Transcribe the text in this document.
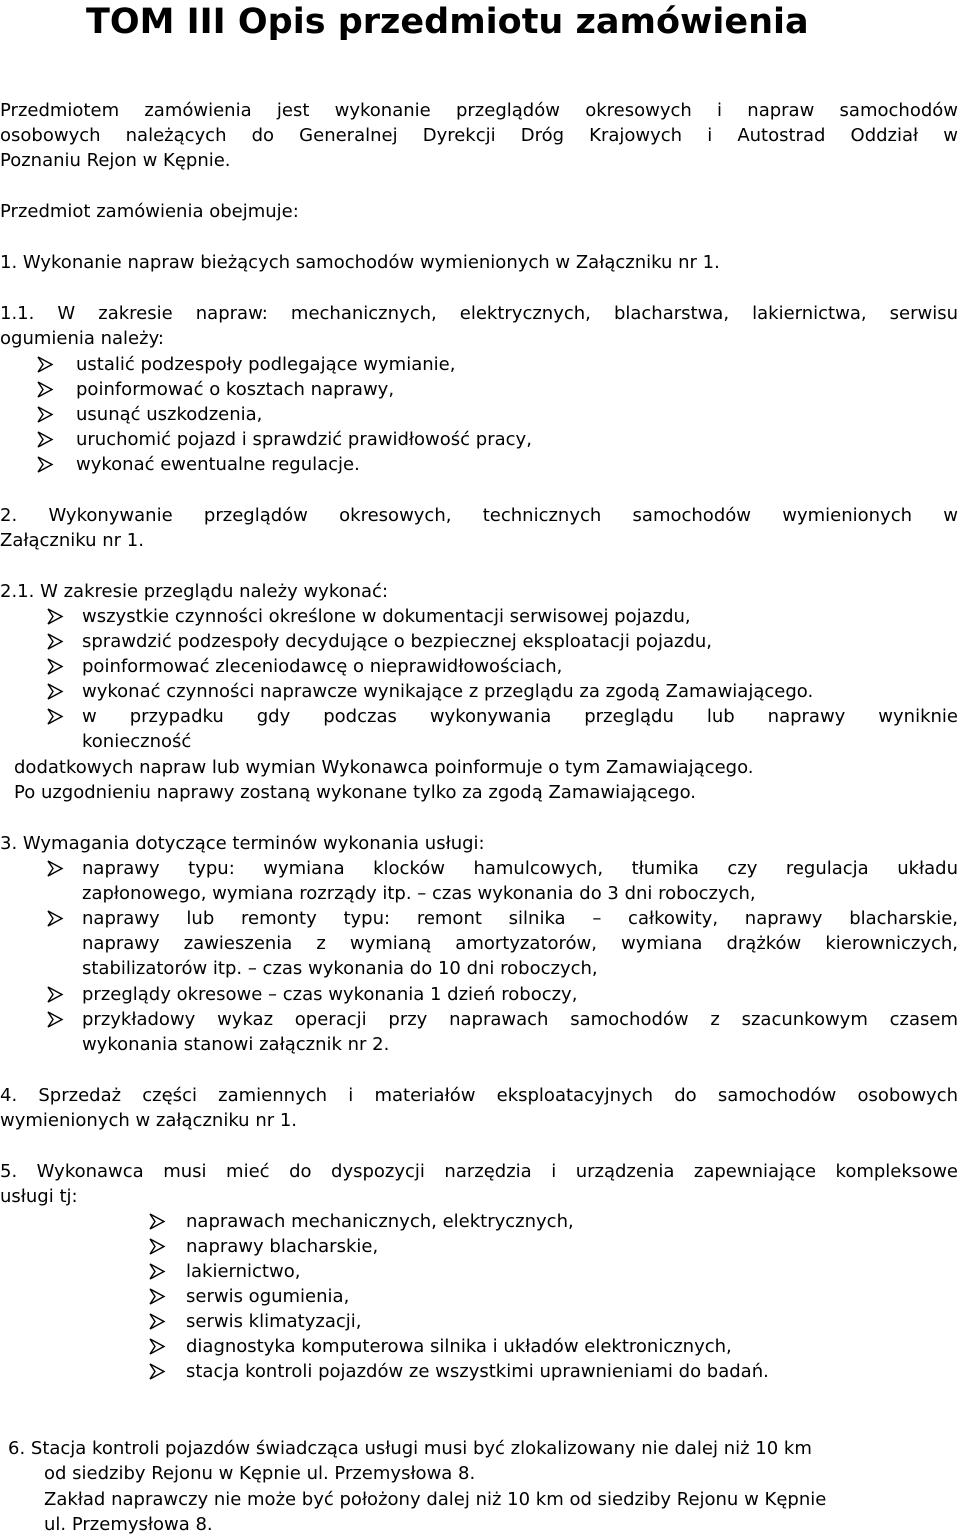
TOM III Opis przedmiotu zamówienia
Przedmiotem zamówienia jest wykonanie przeglądów okresowych i napraw samochodów
osobowych należących do Generalnej Dyrekcji Dróg Krajowych i Autostrad Oddział w
Poznaniu Rejon w Kępnie.
Przedmiot zamówienia obejmuje:
1. Wykonanie napraw bieżących samochodów wymienionych w Załączniku nr 1.
1.1. W zakresie napraw: mechanicznych, elektrycznych, blacharstwa, lakiernictwa, serwisu
ogumienia należy:
ustalić podzespoły podlegające wymianie,
poinformować o kosztach naprawy,
usunąć uszkodzenia,
uruchomić pojazd i sprawdzić prawidłowość pracy,
wykonać ewentualne regulacje.
2. Wykonywanie przeglądów okresowych, technicznych samochodów wymienionych w
Załączniku nr 1.
2.1. W zakresie przeglądu należy wykonać:
wszystkie czynności określone w dokumentacji serwisowej pojazdu,
sprawdzić podzespoły decydujące o bezpiecznej eksploatacji pojazdu,
poinformować zleceniodawcę o nieprawidłowościach,
wykonać czynności naprawcze wynikające z przeglądu za zgodą Zamawiającego.
w przypadku gdy podczas wykonywania przeglądu lub naprawy wyniknie
konieczność
dodatkowych napraw lub wymian Wykonawca poinformuje o tym Zamawiającego.
Po uzgodnieniu naprawy zostaną wykonane tylko za zgodą Zamawiającego.
3. Wymagania dotyczące terminów wykonania usługi:
naprawy typu: wymiana klocków hamulcowych, tłumika czy regulacja układu
zapłonowego, wymiana rozrządy itp. – czas wykonania do 3 dni roboczych,
naprawy lub remonty typu: remont silnika – całkowity, naprawy blacharskie,
naprawy zawieszenia z wymianą amortyzatorów, wymiana drążków kierowniczych,
stabilizatorów itp. – czas wykonania do 10 dni roboczych,
przeglądy okresowe – czas wykonania 1 dzień roboczy,
przykładowy wykaz operacji przy naprawach samochodów z szacunkowym czasem
wykonania stanowi załącznik nr 2.
4. Sprzedaż części zamiennych i materiałów eksploatacyjnych do samochodów osobowych
wymienionych w załączniku nr 1.
5. Wykonawca musi mieć do dyspozycji narzędzia i urządzenia zapewniające kompleksowe
usługi tj:
naprawach mechanicznych, elektrycznych,
naprawy blacharskie,
lakiernictwo,
serwis ogumienia,
serwis klimatyzacji,
diagnostyka komputerowa silnika i układów elektronicznych,
stacja kontroli pojazdów ze wszystkimi uprawnieniami do badań.
6. Stacja kontroli pojazdów świadcząca usługi musi być zlokalizowany nie dalej niż 10 km
od siedziby Rejonu w Kępnie ul. Przemysłowa 8.
Zakład naprawczy nie może być położony dalej niż 10 km od siedziby Rejonu w Kępnie
ul. Przemysłowa 8.
